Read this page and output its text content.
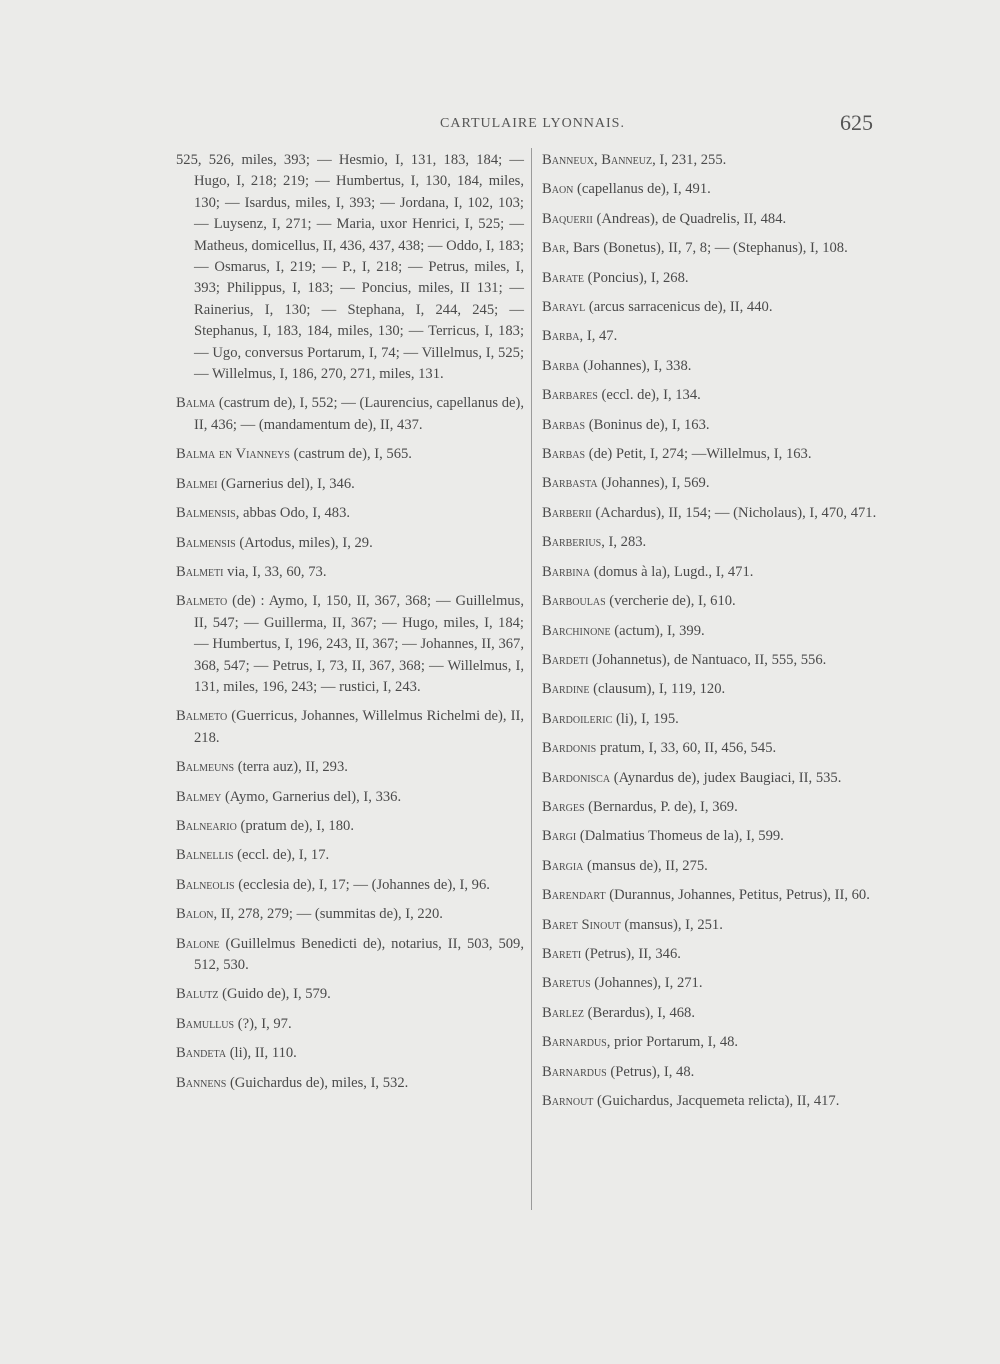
CARTULAIRE LYONNAIS.	625
525, 526, miles, 393; — Hesmio, I, 131, 183, 184; — Hugo, I, 218; 219; — Humbertus, I, 130, 184, miles, 130; — Isardus, miles, I, 393; — Jordana, I, 102, 103; — Luysenz, I, 271; — Maria, uxor Henrici, I, 525; — Matheus, domicellus, II, 436, 437, 438; — Oddo, I, 183; — Osmarus, I, 219; — P., I, 218; — Petrus, miles, I, 393; Philippus, I, 183; — Poncius, miles, II 131; — Rainerius, I, 130; — Stephana, I, 244, 245; — Stephanus, I, 183, 184, miles, 130; — Terricus, I, 183; — Ugo, conversus Portarum, I, 74; — Villelmus, I, 525; — Willelmus, I, 186, 270, 271, miles, 131.
Balma (castrum de), I, 552; — (Laurencius, capellanus de), II, 436; — (mandamentum de), II, 437.
Balma en Vianneys (castrum de), I, 565.
Balmei (Garnerius del), I, 346.
Balmensis, abbas Odo, I, 483.
Balmensis (Artodus, miles), I, 29.
Balmeti via, I, 33, 60, 73.
Balmeto (de) : Aymo, I, 150, II, 367, 368; — Guillelmus, II, 547; — Guillerma, II, 367; — Hugo, miles, I, 184; — Humbertus, I, 196, 243, II, 367; — Johannes, II, 367, 368, 547; — Petrus, I, 73, II, 367, 368; — Willelmus, I, 131, miles, 196, 243; — rustici, I, 243.
Balmeto (Guerricus, Johannes, Willelmus Richelmi de), II, 218.
Balmeuns (terra auz), II, 293.
Balmey (Aymo, Garnerius del), I, 336.
Balneario (pratum de), I, 180.
Balnellis (eccl. de), I, 17.
Balneolis (ecclesia de), I, 17; — (Johannes de), I, 96.
Balon, II, 278, 279; — (summitas de), I, 220.
Balone (Guillelmus Benedicti de), notarius, II, 503, 509, 512, 530.
Balutz (Guido de), I, 579.
Bamullus (?), I, 97.
Bandeta (li), II, 110.
Bannens (Guichardus de), miles, I, 532.
Banneux, Banneuz, I, 231, 255.
Baon (capellanus de), I, 491.
Baquerii (Andreas), de Quadrelis, II, 484.
Bar, Bars (Bonetus), II, 7, 8; — (Stephanus), I, 108.
Barate (Poncius), I, 268.
Barayl (arcus sarracenicus de), II, 440.
Barba, I, 47.
Barba (Johannes), I, 338.
Barbares (eccl. de), I, 134.
Barbas (Boninus de), I, 163.
Barbas (de) Petit, I, 274; —Willelmus, I, 163.
Barbasta (Johannes), I, 569.
Barberii (Achardus), II, 154; — (Nicholaus), I, 470, 471.
Barberius, I, 283.
Barbina (domus à la), Lugd., I, 471.
Barboulas (vercherie de), I, 610.
Barchinone (actum), I, 399.
Bardeti (Johannetus), de Nantuaco, II, 555, 556.
Bardine (clausum), I, 119, 120.
Bardoileric (li), I, 195.
Bardonis pratum, I, 33, 60, II, 456, 545.
Bardonisca (Aynardus de), judex Baugiaci, II, 535.
Barges (Bernardus, P. de), I, 369.
Bargi (Dalmatius Thomeus de la), I, 599.
Bargia (mansus de), II, 275.
Barendart (Durannus, Johannes, Petitus, Petrus), II, 60.
Baret Sinout (mansus), I, 251.
Bareti (Petrus), II, 346.
Baretus (Johannes), I, 271.
Barlez (Berardus), I, 468.
Barnardus, prior Portarum, I, 48.
Barnardus (Petrus), I, 48.
Barnout (Guichardus, Jacquemeta relicta), II, 417.
